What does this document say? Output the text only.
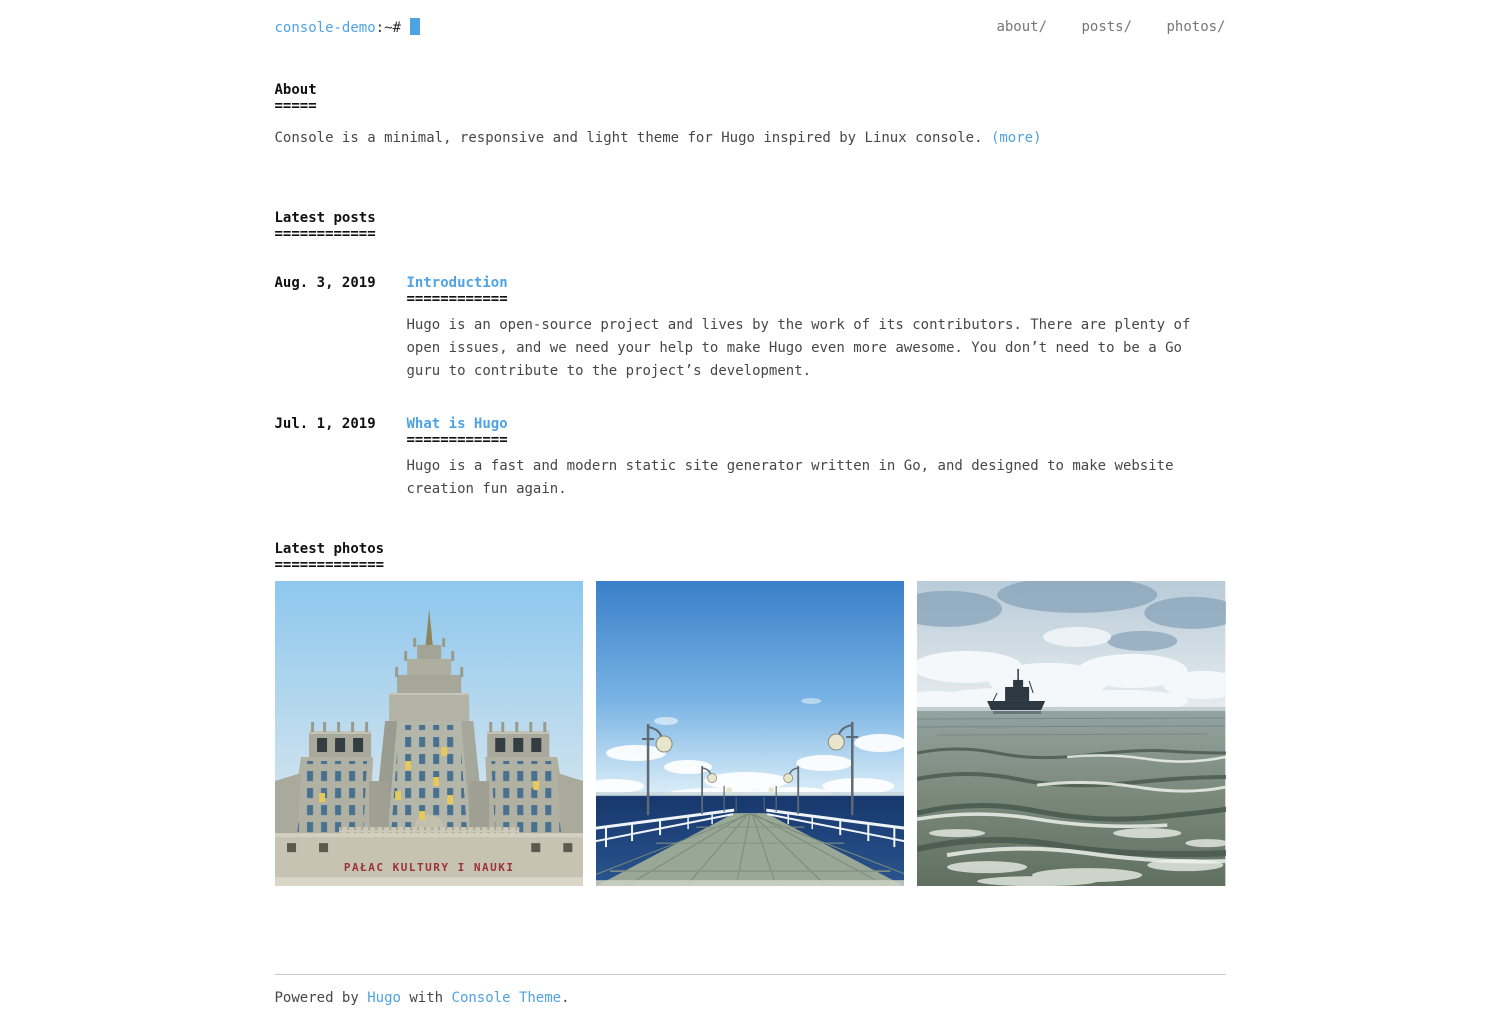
console-demo:~#	about/ posts/ photos/
About
=====

Console is a minimal, responsive and light theme for Hugo inspired by Linux console. (more)

Latest posts
============
Aug. 3, 2019	Introduction
============

Hugo is an open-source project and lives by the work of its contributors. There are plenty of open issues, and we need your help to make Hugo even more awesome. You don’t need to be a Go guru to contribute to the project’s development.

Jul. 1, 2019	What is Hugo
============

Hugo is a fast and modern static site generator written in Go, and designed to make website creation fun again.

Latest photos
=============
PAŁAC KULTURY I NAUKI
Powered by Hugo with Console Theme.
